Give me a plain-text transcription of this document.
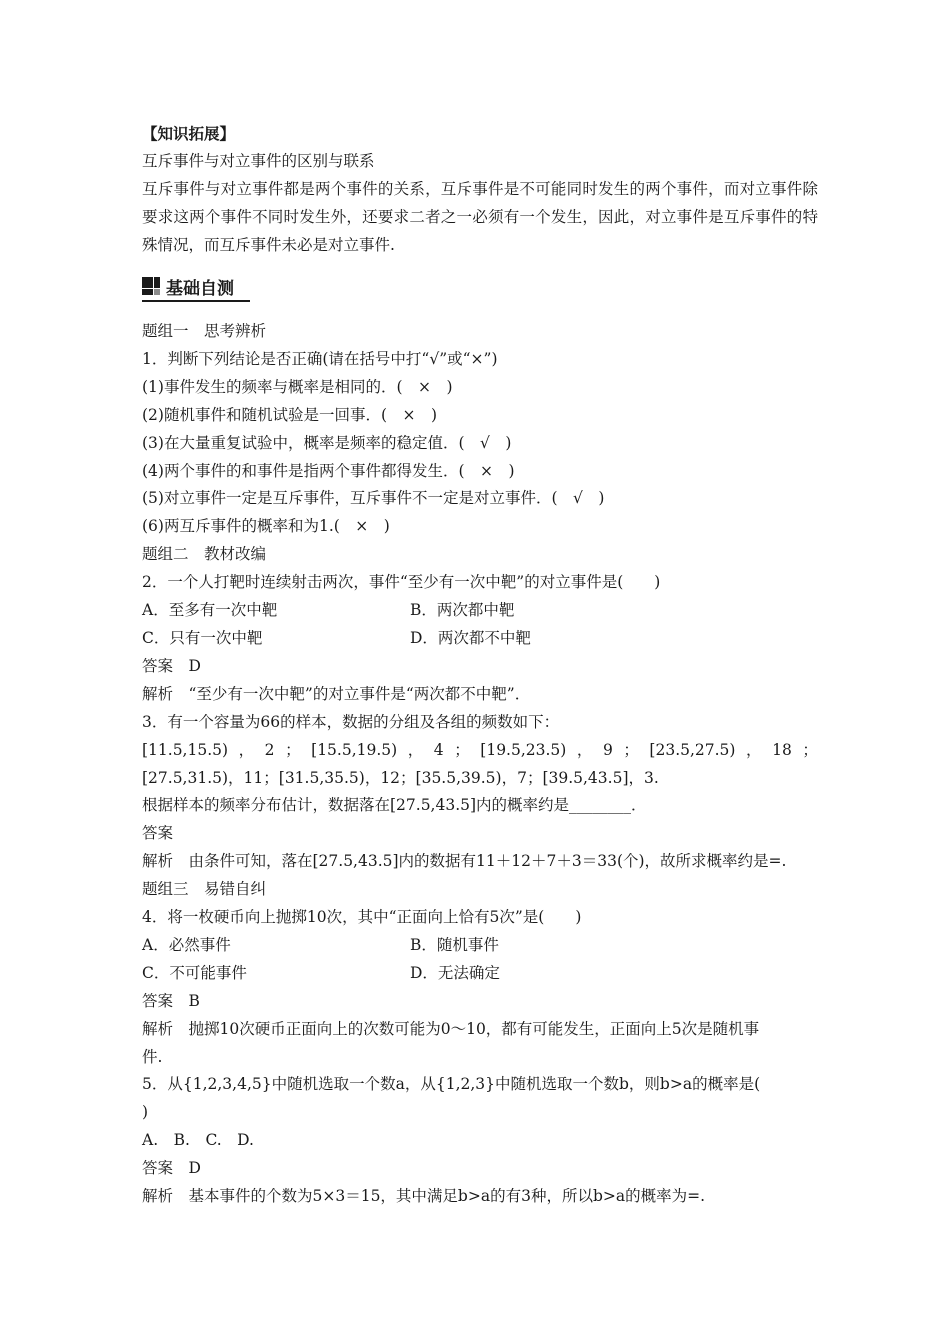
【知识拓展】
互斥事件与对立事件的区别与联系
互斥事件与对立事件都是两个事件的关系，互斥事件是不可能同时发生的两个事件，而对立事件除要求这两个事件不同时发生外，还要求二者之一必须有一个发生，因此，对立事件是互斥事件的特殊情况，而互斥事件未必是对立事件.
基础自测
题组一　思考辨析
1．判断下列结论是否正确(请在括号中打“√”或“×”)
(1)事件发生的频率与概率是相同的．(　×　)
(2)随机事件和随机试验是一回事．(　×　)
(3)在大量重复试验中，概率是频率的稳定值．(　√　)
(4)两个事件的和事件是指两个事件都得发生．(　×　)
(5)对立事件一定是互斥事件，互斥事件不一定是对立事件．(　√　)
(6)两互斥事件的概率和为1.(　×　)
题组二　教材改编
2．一个人打靶时连续射击两次，事件“至少有一次中靶”的对立事件是(　　)
A．至多有一次中靶	B．两次都中靶
C．只有一次中靶	D．两次都不中靶
答案　D
解析　“至少有一次中靶”的对立事件是“两次都不中靶”．
3．有一个容量为66的样本，数据的分组及各组的频数如下：
[11.5,15.5) ， 2 ； [15.5,19.5) ， 4 ； [19.5,23.5) ， 9 ； [23.5,27.5) ， 18 ；
[27.5,31.5)，11；[31.5,35.5)，12；[35.5,39.5)，7；[39.5,43.5]，3.
根据样本的频率分布估计，数据落在[27.5,43.5]内的概率约是________．
答案
解析　由条件可知，落在[27.5,43.5]内的数据有11＋12＋7＋3＝33(个)，故所求概率约是=.
题组三　易错自纠
4．将一枚硬币向上抛掷10次，其中“正面向上恰有5次”是(　　)
A．必然事件	B．随机事件
C．不可能事件	D．无法确定
答案　B
解析　抛掷10次硬币正面向上的次数可能为0～10，都有可能发生，正面向上5次是随机事
件.
5．从{1,2,3,4,5}中随机选取一个数a，从{1,2,3}中随机选取一个数b，则b>a的概率是(
)
A.　B.　C.　D.
答案　D
解析　基本事件的个数为5×3＝15，其中满足b>a的有3种，所以b>a的概率为=.
